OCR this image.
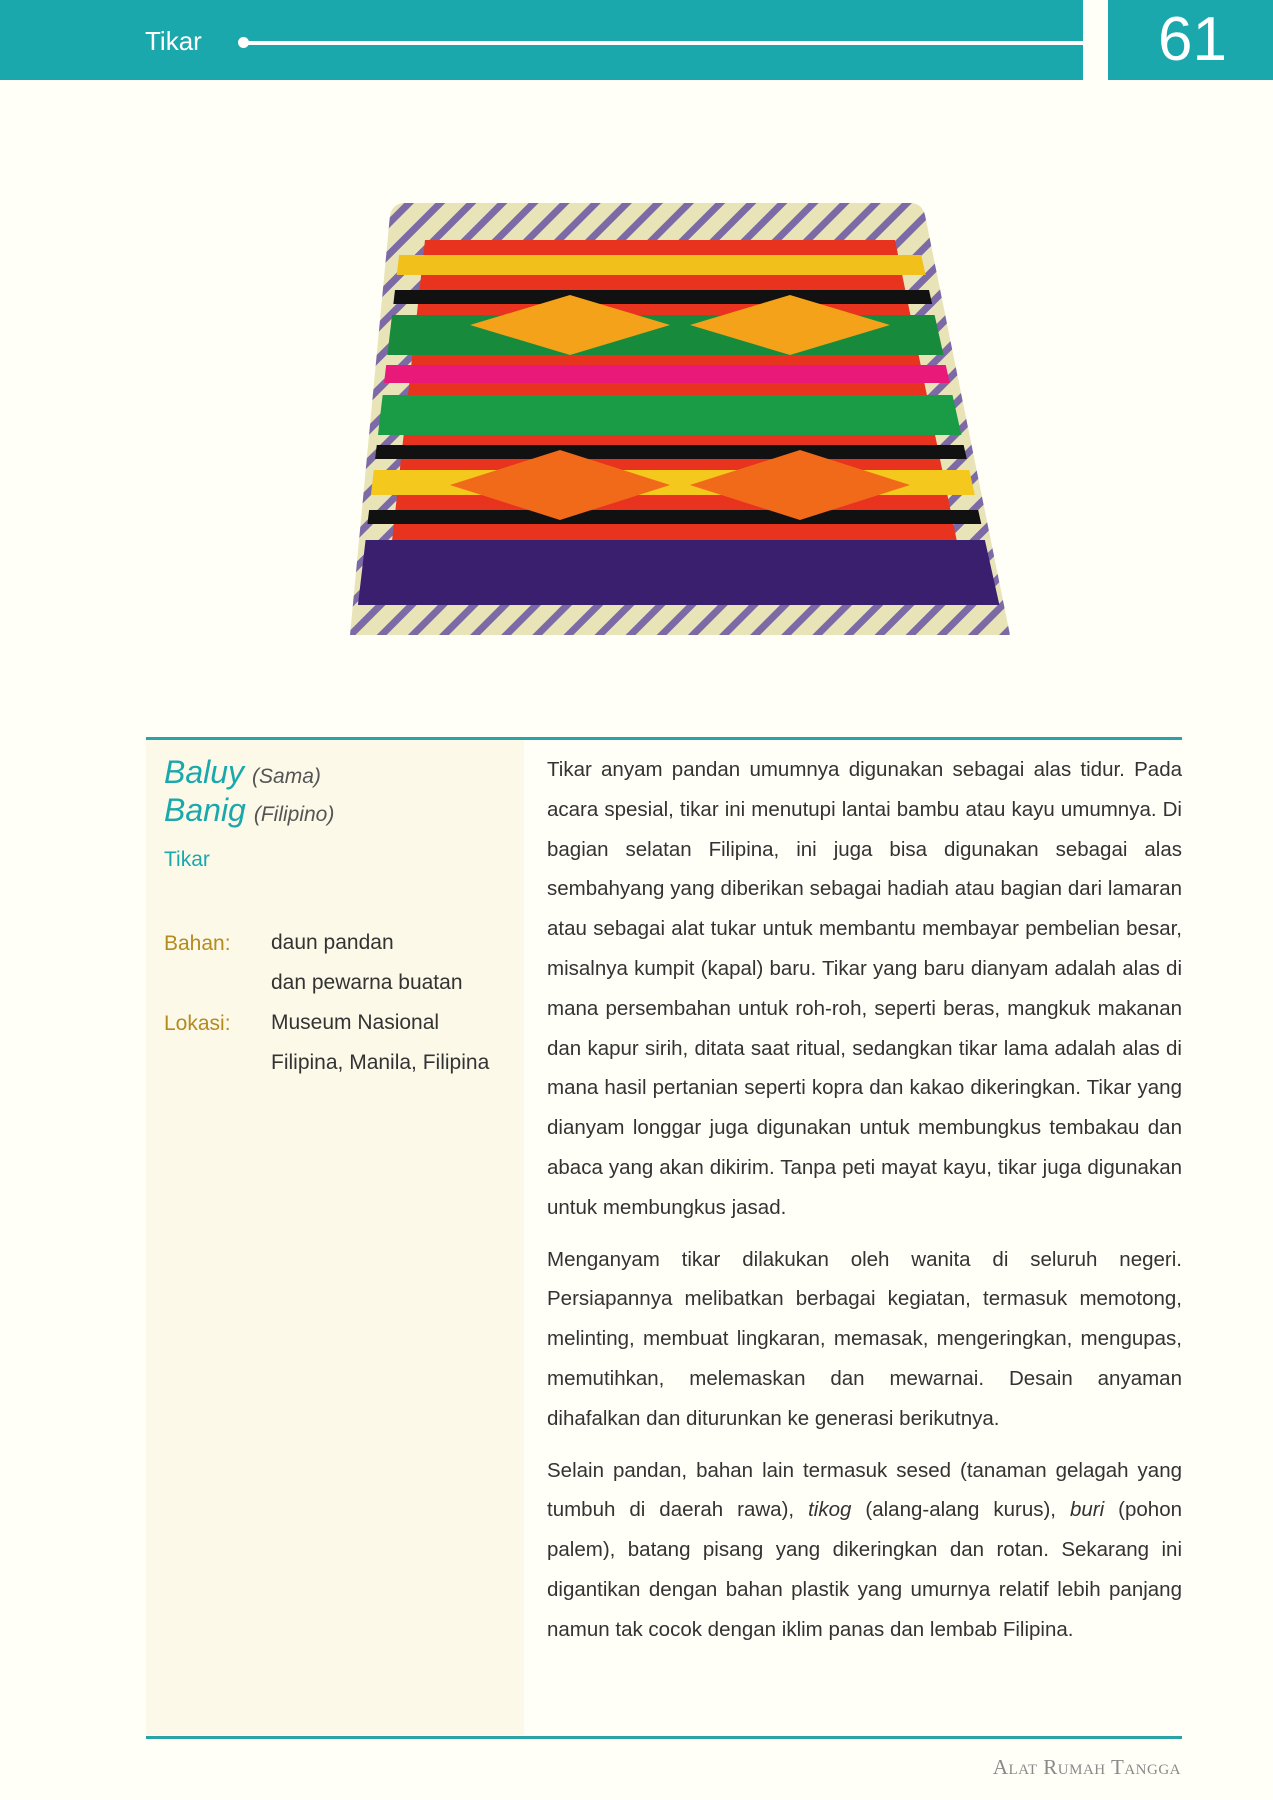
Tikar	61
Baluy (Sama)
Banig (Filipino)
Tikar
Bahan: daun pandan
dan pewarna buatan
Lokasi: Museum Nasional
Filipina, Manila, Filipina

Tikar anyam pandan umumnya digunakan sebagai alas tidur. Pada acara spesial, tikar ini menutupi lantai bambu atau kayu umumnya. Di bagian selatan Filipina, ini juga bisa digunakan sebagai alas sembahyang yang diberikan sebagai hadiah atau bagian dari lamaran atau sebagai alat tukar untuk membantu membayar pembelian besar, misalnya kumpit (kapal) baru. Tikar yang baru dianyam adalah alas di mana persembahan untuk roh-roh, seperti beras, mangkuk makanan dan kapur sirih, ditata saat ritual, sedangkan tikar lama adalah alas di mana hasil pertanian seperti kopra dan kakao dikeringkan. Tikar yang dianyam longgar juga digunakan untuk membungkus tembakau dan abaca yang akan dikirim. Tanpa peti mayat kayu, tikar juga digunakan untuk membungkus jasad.

Menganyam tikar dilakukan oleh wanita di seluruh negeri. Persiapannya melibatkan berbagai kegiatan, termasuk memotong, melinting, membuat lingkaran, memasak, mengeringkan, mengupas, memutihkan, melemaskan dan mewarnai. Desain anyaman dihafalkan dan diturunkan ke generasi berikutnya.

Selain pandan, bahan lain termasuk sesed (tanaman gelagah yang tumbuh di daerah rawa), tikog (alang-alang kurus), buri (pohon palem), batang pisang yang dikeringkan dan rotan. Sekarang ini digantikan dengan bahan plastik yang umurnya relatif lebih panjang namun tak cocok dengan iklim panas dan lembab Filipina.

Alat Rumah Tangga
